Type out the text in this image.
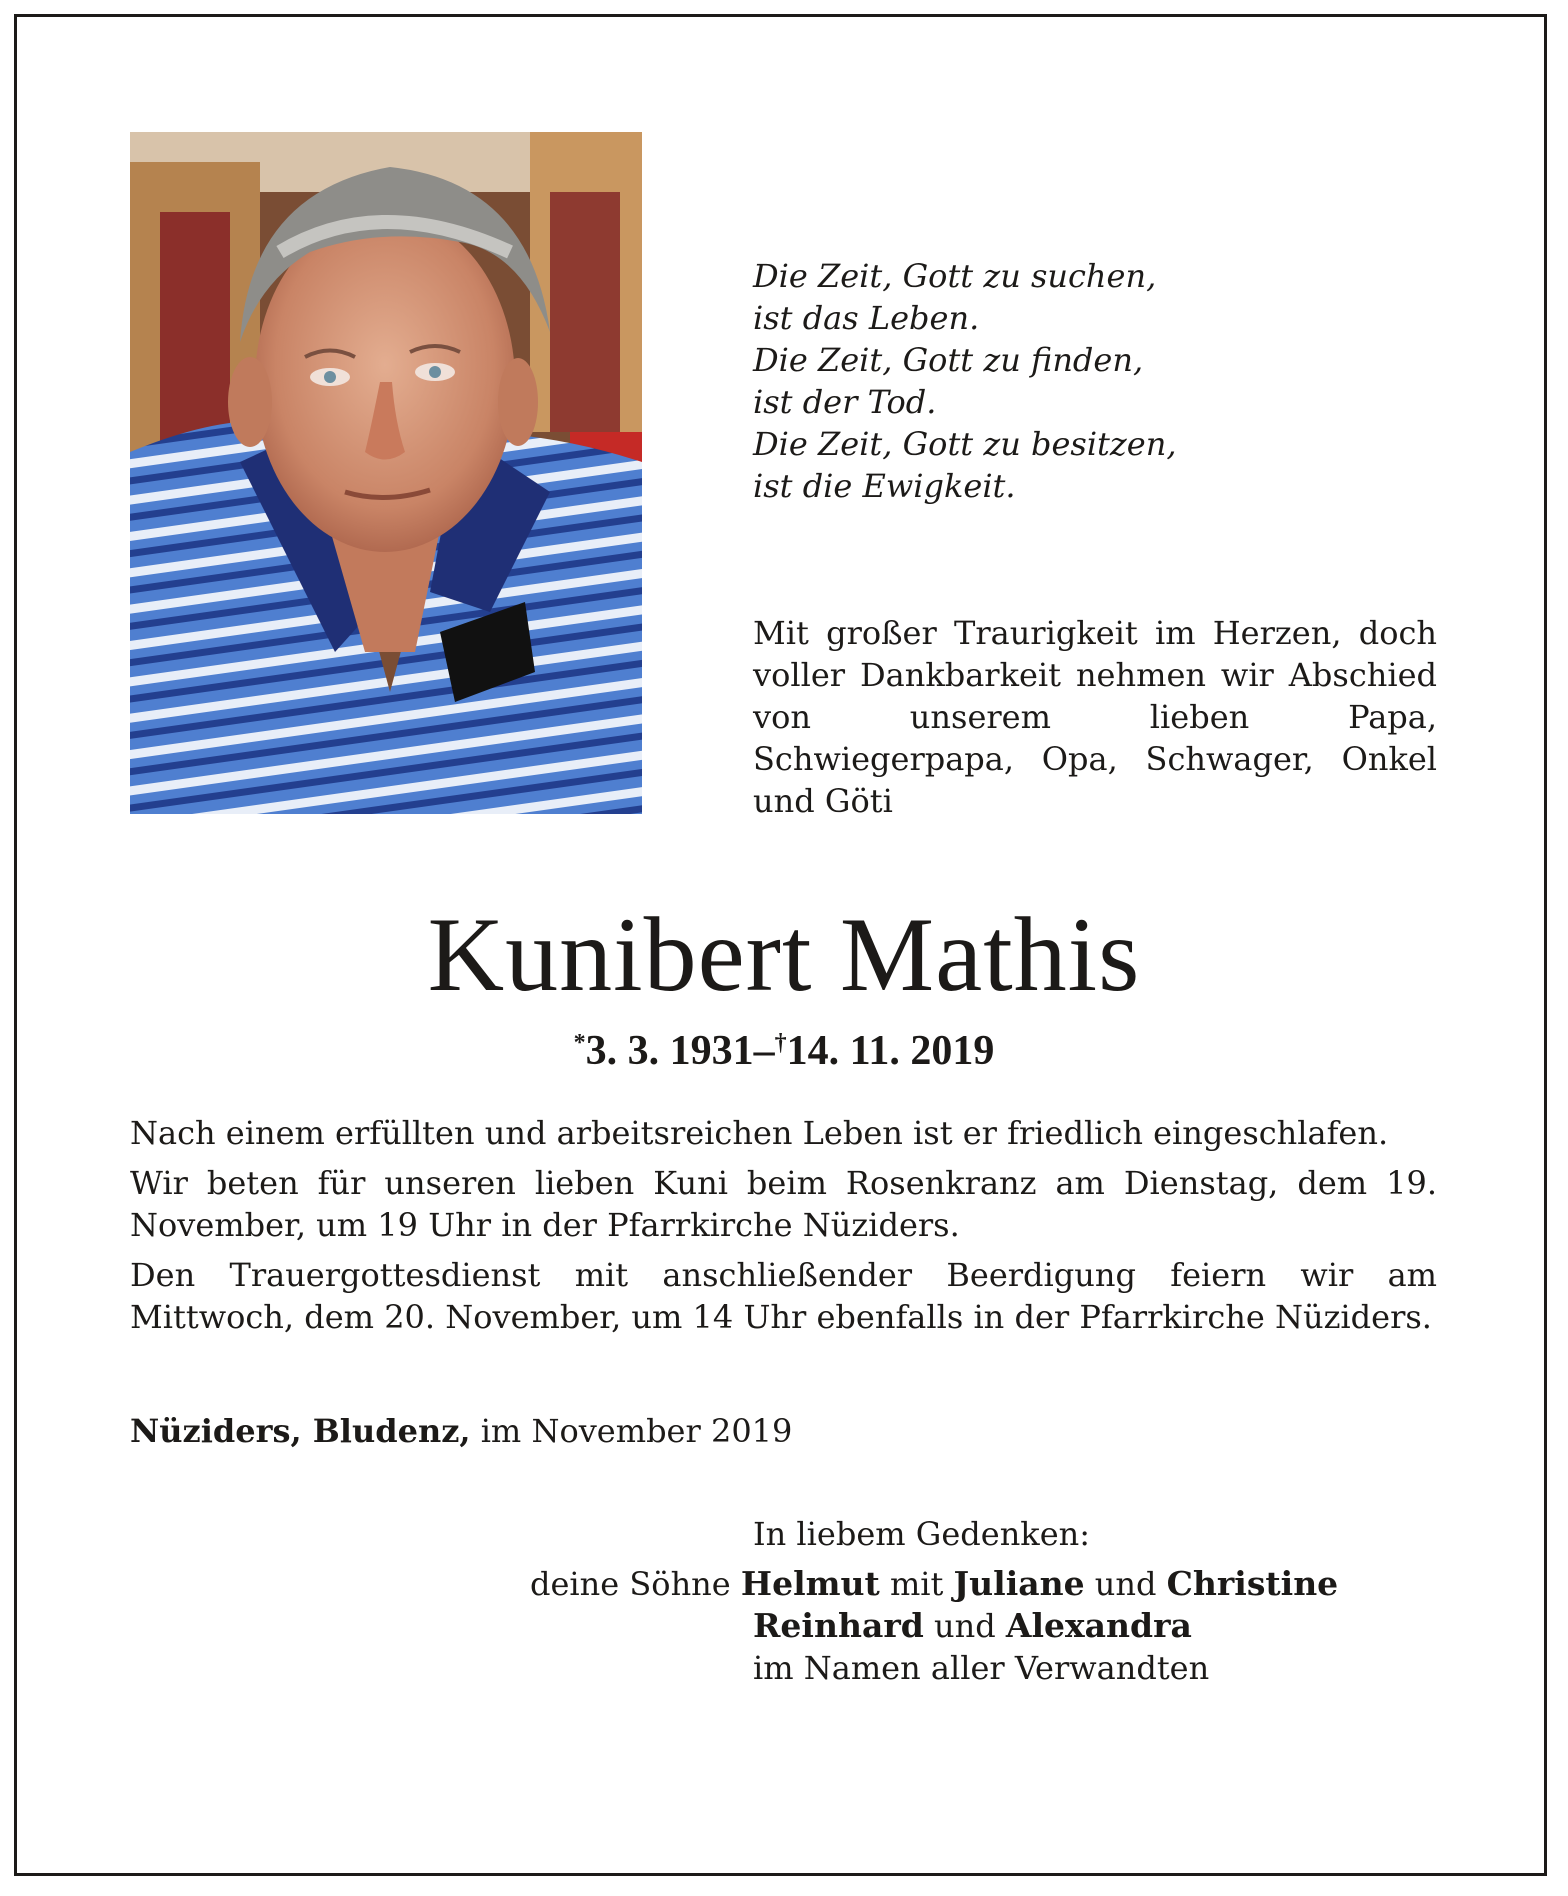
Die Zeit, Gott zu suchen,
ist das Leben.
Die Zeit, Gott zu finden,
ist der Tod.
Die Zeit, Gott zu besitzen,
ist die Ewigkeit.
Mit großer Traurigkeit im Herzen, doch voller Dankbarkeit nehmen wir Abschied von unserem lieben Papa, Schwiegerpapa, Opa, Schwager, Onkel und Göti
Kunibert Mathis
*3. 3. 1931–†14. 11. 2019

Nach einem erfüllten und arbeitsreichen Leben ist er friedlich eingeschlafen.

Wir beten für unseren lieben Kuni beim Rosenkranz am Dienstag, dem 19. November, um 19 Uhr in der Pfarrkirche Nüziders.

Den Trauergottesdienst mit anschließender Beerdigung feiern wir am Mittwoch, dem 20. November, um 14 Uhr ebenfalls in der Pfarrkirche Nüziders.

Nüziders, Bludenz, im November 2019
In liebem Gedenken:
deine Söhne Helmut mit Juliane und Christine
Reinhard und Alexandra
im Namen aller Verwandten
